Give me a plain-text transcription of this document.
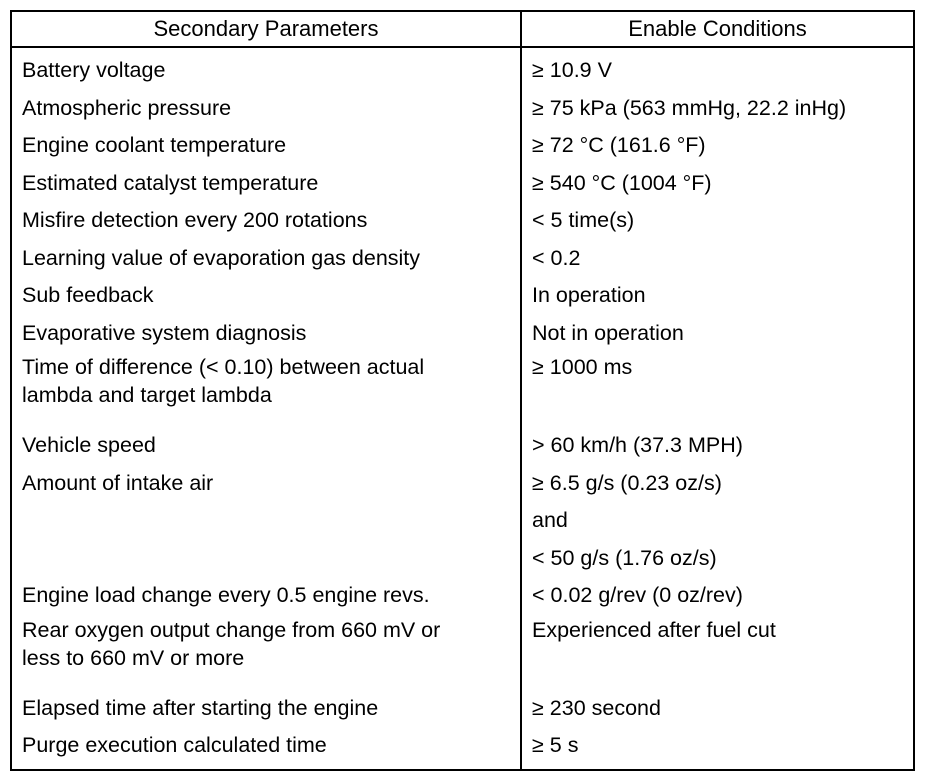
Secondary Parameters	Enable Conditions
Battery voltage
Atmospheric pressure
Engine coolant temperature
Estimated catalyst temperature
Misfire detection every 200 rotations
Learning value of evaporation gas density
Sub feedback
Evaporative system diagnosis
Time of difference (< 0.10) between actual
lambda and target lambda
Vehicle speed
Amount of intake air
Engine load change every 0.5 engine revs.
Rear oxygen output change from 660 mV or
less to 660 mV or more
Elapsed time after starting the engine
Purge execution calculated time
≥ 10.9 V
≥ 75 kPa (563 mmHg, 22.2 inHg)
≥ 72 °C (161.6 °F)
≥ 540 °C (1004 °F)
< 5 time(s)
< 0.2
In operation
Not in operation
≥ 1000 ms
> 60 km/h (37.3 MPH)
≥ 6.5 g/s (0.23 oz/s)
and
< 50 g/s (1.76 oz/s)
< 0.02 g/rev (0 oz/rev)
Experienced after fuel cut
≥ 230 second
≥ 5 s
